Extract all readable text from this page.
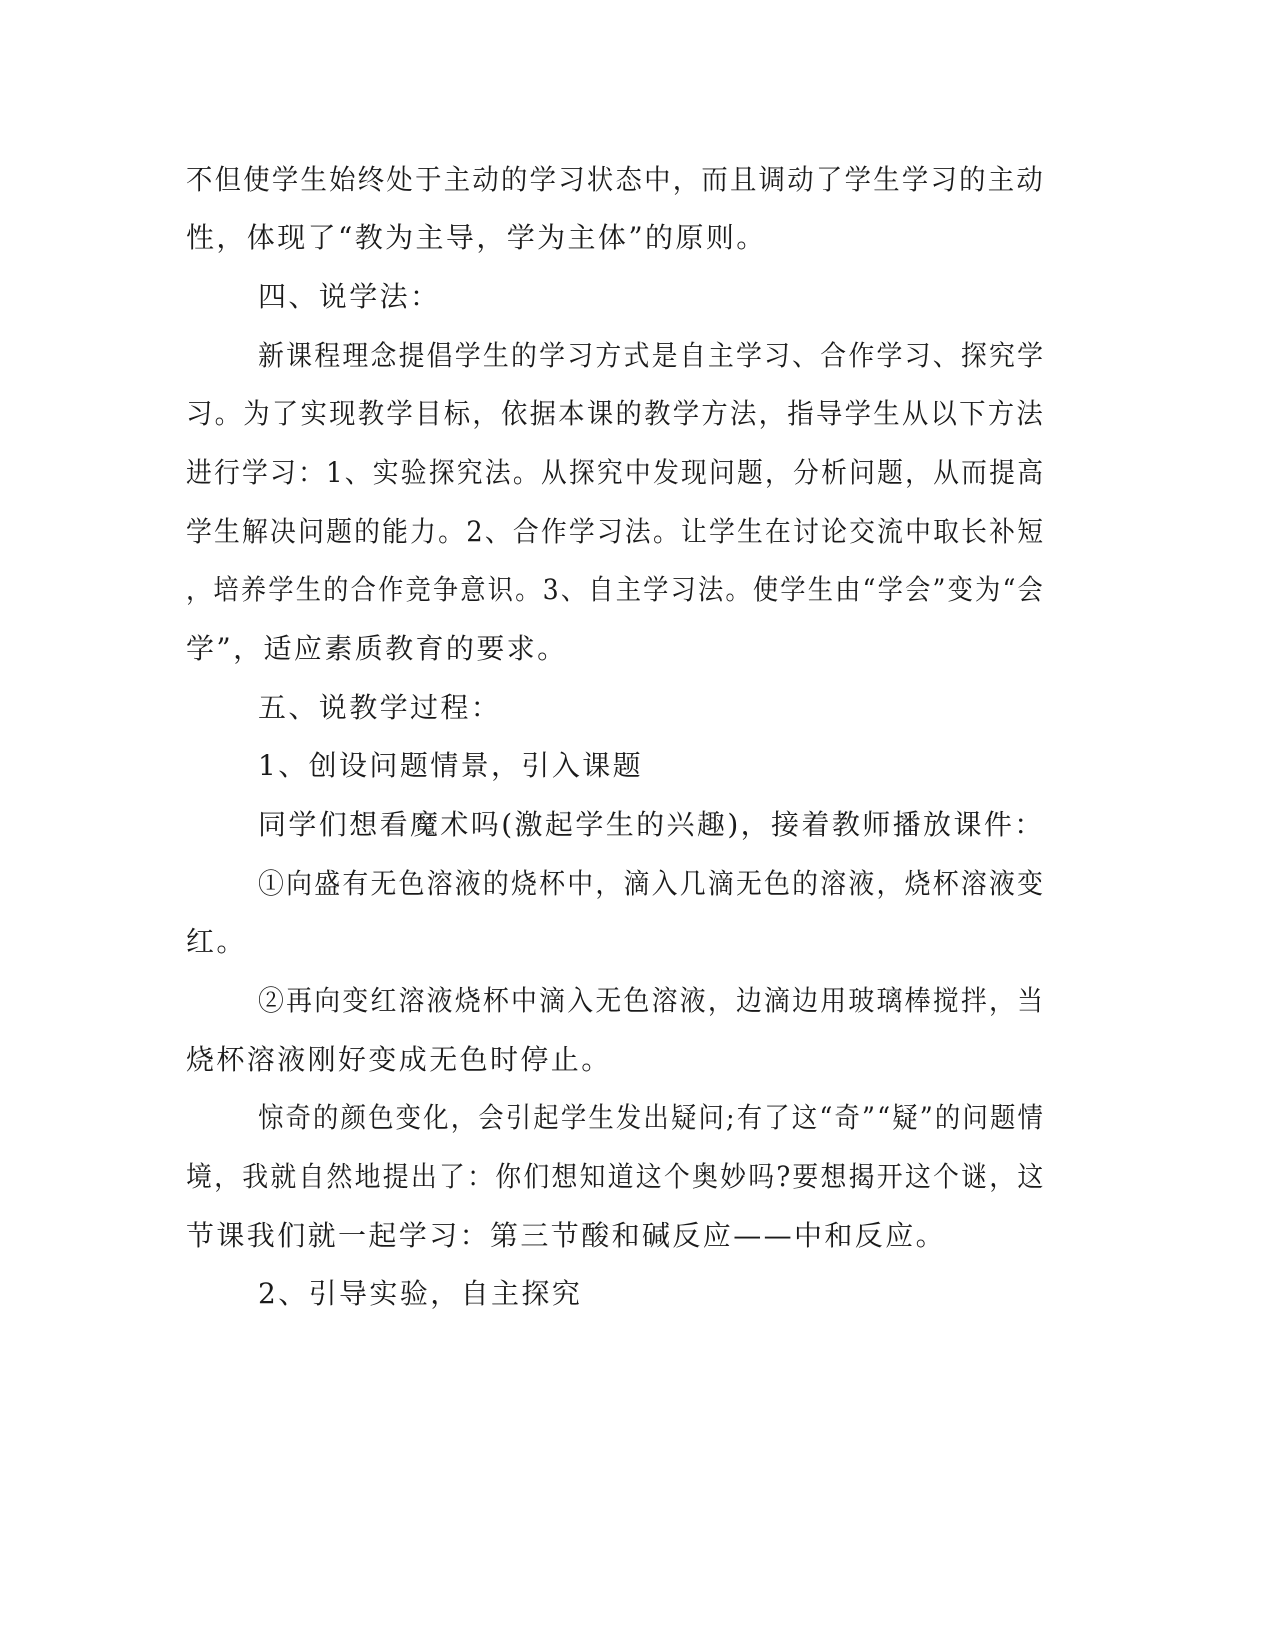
不但使学生始终处于主动的学习状态中，而且调动了学生学习的主动
性，体现了“教为主导，学为主体”的原则。
四、说学法：
新课程理念提倡学生的学习方式是自主学习、合作学习、探究学
习。为了实现教学目标，依据本课的教学方法，指导学生从以下方法
进行学习：1、实验探究法。从探究中发现问题，分析问题，从而提高
学生解决问题的能力。2、合作学习法。让学生在讨论交流中取长补短
，培养学生的合作竞争意识。3、自主学习法。使学生由“学会”变为“会
学”，适应素质教育的要求。
五、说教学过程：
1、创设问题情景，引入课题
同学们想看魔术吗(激起学生的兴趣)，接着教师播放课件：
①向盛有无色溶液的烧杯中，滴入几滴无色的溶液，烧杯溶液变
红。
②再向变红溶液烧杯中滴入无色溶液，边滴边用玻璃棒搅拌，当
烧杯溶液刚好变成无色时停止。
惊奇的颜色变化，会引起学生发出疑问;有了这“奇”“疑”的问题情
境，我就自然地提出了：你们想知道这个奥妙吗?要想揭开这个谜，这
节课我们就一起学习：第三节酸和碱反应——中和反应。
2、引导实验，自主探究
